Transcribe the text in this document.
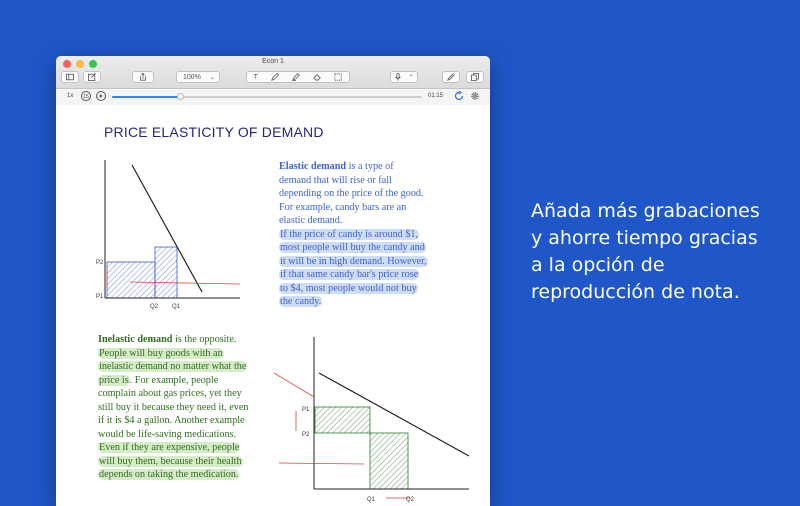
Econ 1
100% ⌄	T	⌃
1x	15	01:15
PRICE ELASTICITY OF DEMAND
P2
P1
Q2 Q1
Elastic demand is a type of
demand that will rise or fall
depending on the price of the good.
For example, candy bars are an
elastic demand.
If the price of candy is around $1,
most people will buy the candy and
it will be in high demand. However,
if that same candy bar's price rose
to $4, most people would not buy
the candy.
Inelastic demand is the opposite.
People will buy goods with an
inelastic demand no matter what the
price is. For example, people
complain about gas prices, yet they
still buy it because they need it, even
if it is $4 a gallon. Another example
would be life-saving medications.
Even if they are expensive, people
will buy them, because their health
depends on taking the medication.
P1
P2
Q1	Q2

Añada más grabaciones
y ahorre tiempo gracias
a la opción de
reproducción de nota.
